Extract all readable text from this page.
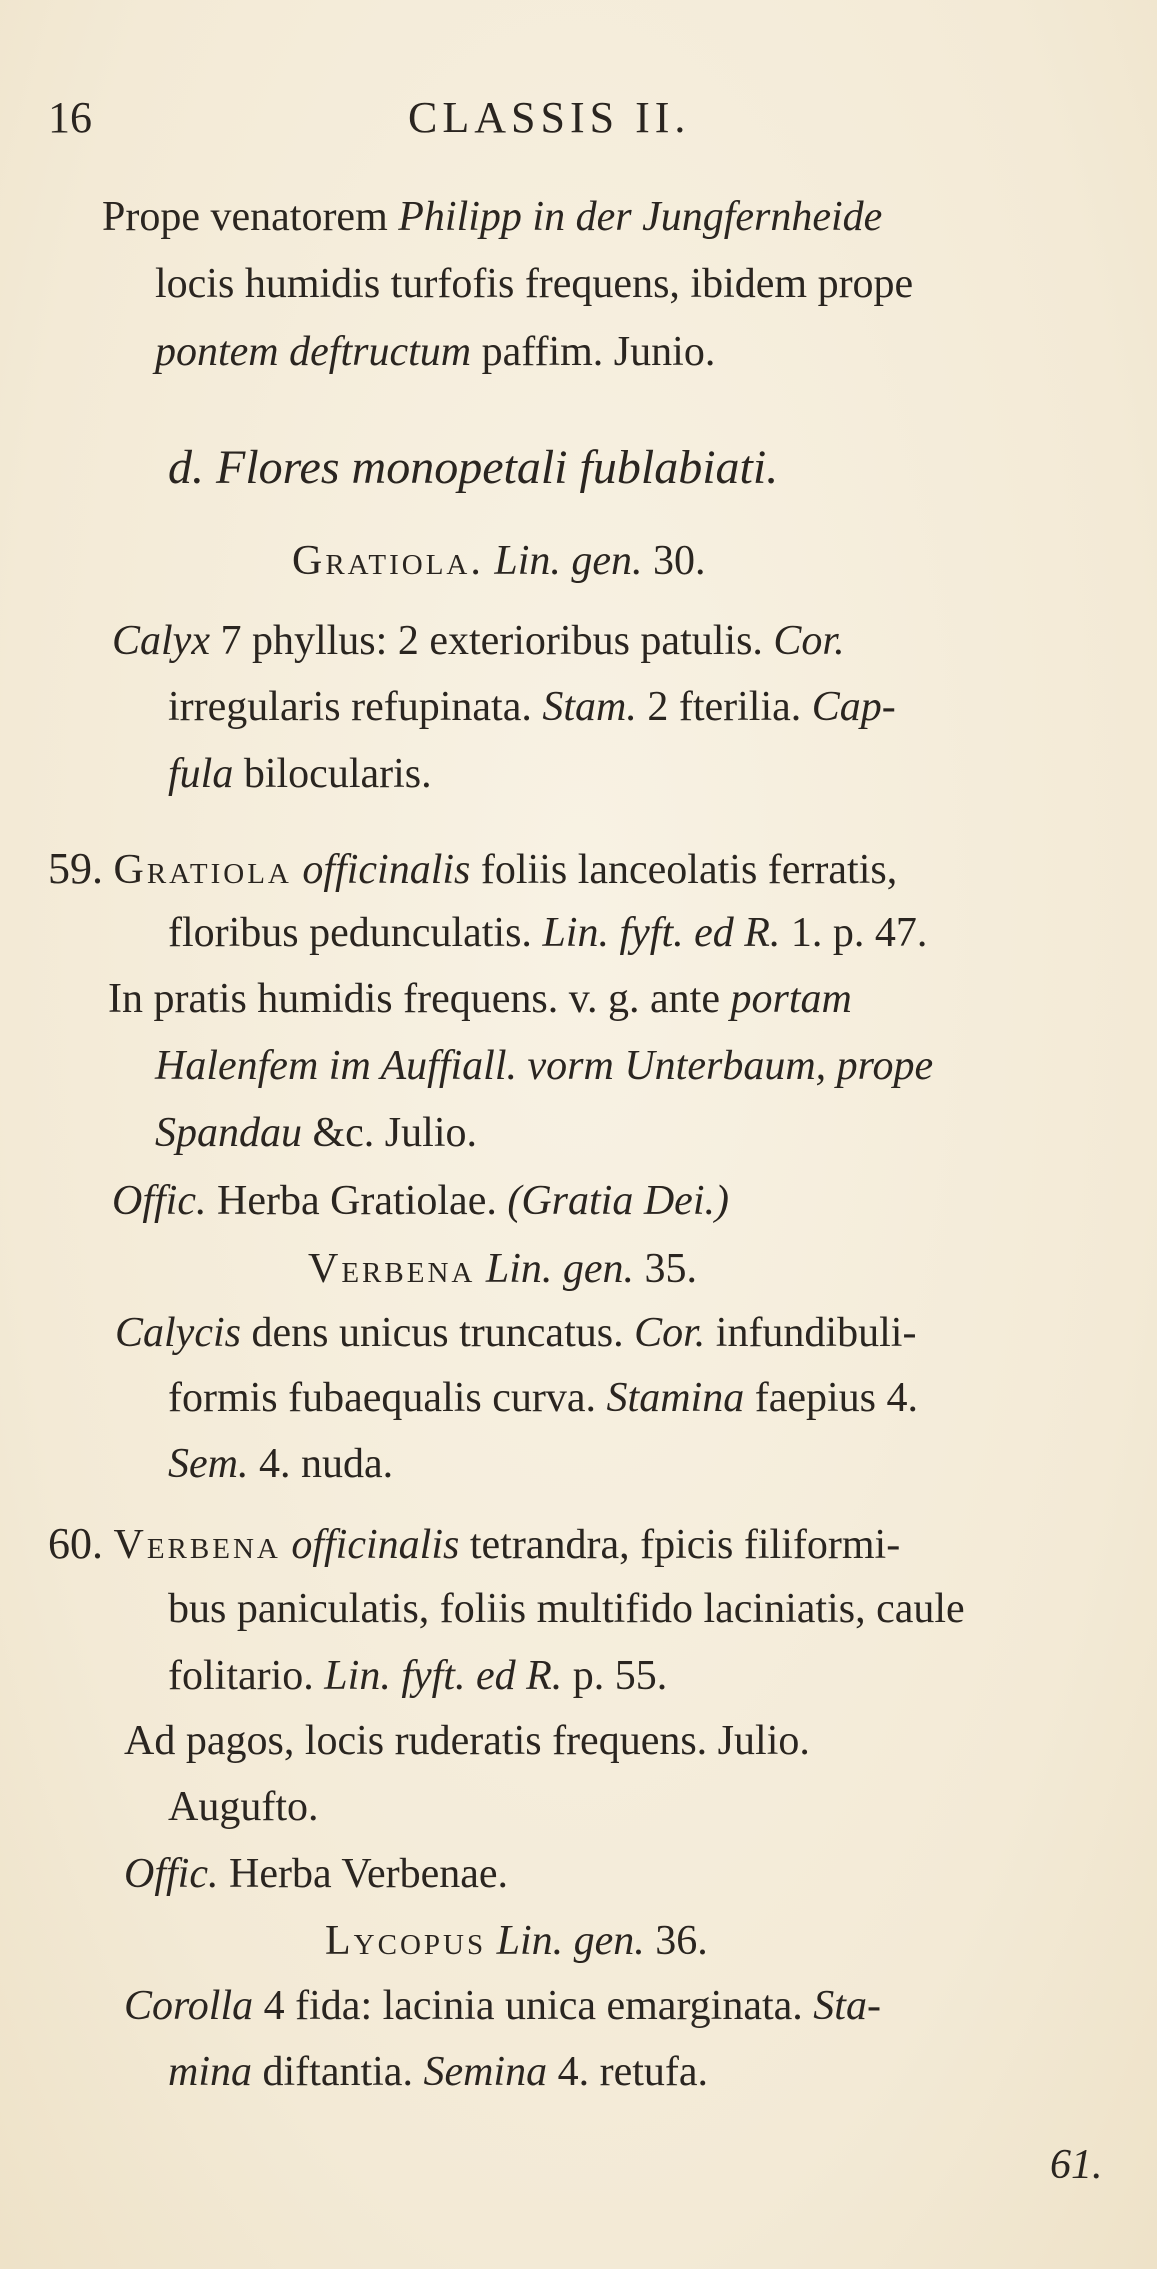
16	CLASSIS II.
Prope venatorem Philipp in der Jungfernheide
locis humidis turfofis frequens, ibidem prope
pontem deftructum paffim. Junio.
d. Flores monopetali fublabiati.
Gratiola. Lin. gen. 30.
Calyx 7 phyllus: 2 exterioribus patulis. Cor.
irregularis refupinata. Stam. 2 fterilia. Cap-
fula bilocularis.
59. Gratiola officinalis foliis lanceolatis ferratis,
floribus pedunculatis. Lin. fyft. ed R. 1. p. 47.
In pratis humidis frequens. v. g. ante portam
Halenfem im Auffiall. vorm Unterbaum, prope
Spandau &c. Julio.
Offic. Herba Gratiolae. (Gratia Dei.)
Verbena Lin. gen. 35.
Calycis dens unicus truncatus. Cor. infundibuli-
formis fubaequalis curva. Stamina faepius 4.
Sem. 4. nuda.
60. Verbena officinalis tetrandra, fpicis filiformi-
bus paniculatis, foliis multifido laciniatis, caule
folitario. Lin. fyft. ed R. p. 55.
Ad pagos, locis ruderatis frequens. Julio.
Augufto.
Offic. Herba Verbenae.
Lycopus Lin. gen. 36.
Corolla 4 fida: lacinia unica emarginata. Sta-
mina diftantia. Semina 4. retufa.
61.
